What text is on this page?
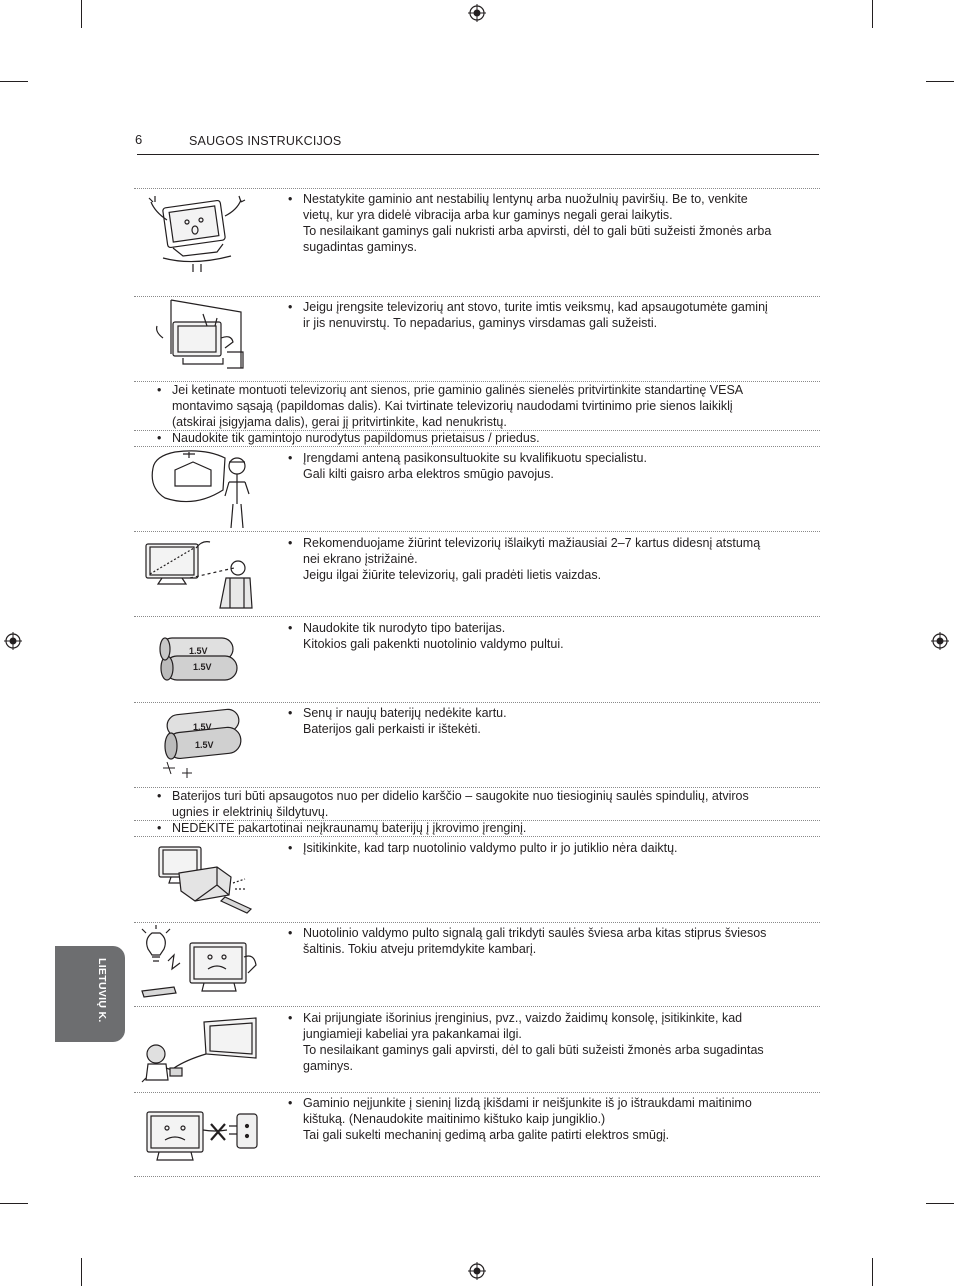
6	SAUGOS INSTRUKCIJOS
LIETUVIŲ K.
1.5V
1.5V
1.5V
1.5V
• Nestatykite gaminio ant nestabilių lentynų arba nuožulnių paviršių. Be to, venkite
vietų, kur yra didelė vibracija arba kur gaminys negali gerai laikytis.
To nesilaikant gaminys gali nukristi arba apvirsti, dėl to gali būti sužeisti žmonės arba
sugadintas gaminys.
• Jeigu įrengsite televizorių ant stovo, turite imtis veiksmų, kad apsaugotumėte gaminį
ir jis nenuvirstų. To nepadarius, gaminys virsdamas gali sužeisti.
• Jei ketinate montuoti televizorių ant sienos, prie gaminio galinės sienelės pritvirtinkite standartinę VESA
montavimo sąsają (papildomas dalis). Kai tvirtinate televizorių naudodami tvirtinimo prie sienos laikiklį
(atskirai įsigyjama dalis), gerai jį pritvirtinkite, kad nenukristų.
• Naudokite tik gamintojo nurodytus papildomus prietaisus / priedus.
• Įrengdami anteną pasikonsultuokite su kvalifikuotu specialistu.
Gali kilti gaisro arba elektros smūgio pavojus.
• Rekomenduojame žiūrint televizorių išlaikyti mažiausiai 2–7 kartus didesnį atstumą
nei ekrano įstrižainė.
Jeigu ilgai žiūrite televizorių, gali pradėti lietis vaizdas.
• Naudokite tik nurodyto tipo baterijas.
Kitokios gali pakenkti nuotolinio valdymo pultui.
• Senų ir naujų baterijų nedėkite kartu.
Baterijos gali perkaisti ir ištekėti.
• Baterijos turi būti apsaugotos nuo per didelio karščio – saugokite nuo tiesioginių saulės spindulių, atviros
ugnies ir elektrinių šildytuvų.
• NEDĖKITE pakartotinai neįkraunamų baterijų į įkrovimo įrenginį.
• Įsitikinkite, kad tarp nuotolinio valdymo pulto ir jo jutiklio nėra daiktų.
• Nuotolinio valdymo pulto signalą gali trikdyti saulės šviesa arba kitas stiprus šviesos
šaltinis. Tokiu atveju pritemdykite kambarį.
• Kai prijungiate išorinius įrenginius, pvz., vaizdo žaidimų konsolę, įsitikinkite, kad
jungiamieji kabeliai yra pakankamai ilgi.
To nesilaikant gaminys gali apvirsti, dėl to gali būti sužeisti žmonės arba sugadintas
gaminys.
• Gaminio neįjunkite į sieninį lizdą įkišdami ir neišjunkite iš jo ištraukdami maitinimo
kištuką. (Nenaudokite maitinimo kištuko kaip jungiklio.)
Tai gali sukelti mechaninį gedimą arba galite patirti elektros smūgį.
